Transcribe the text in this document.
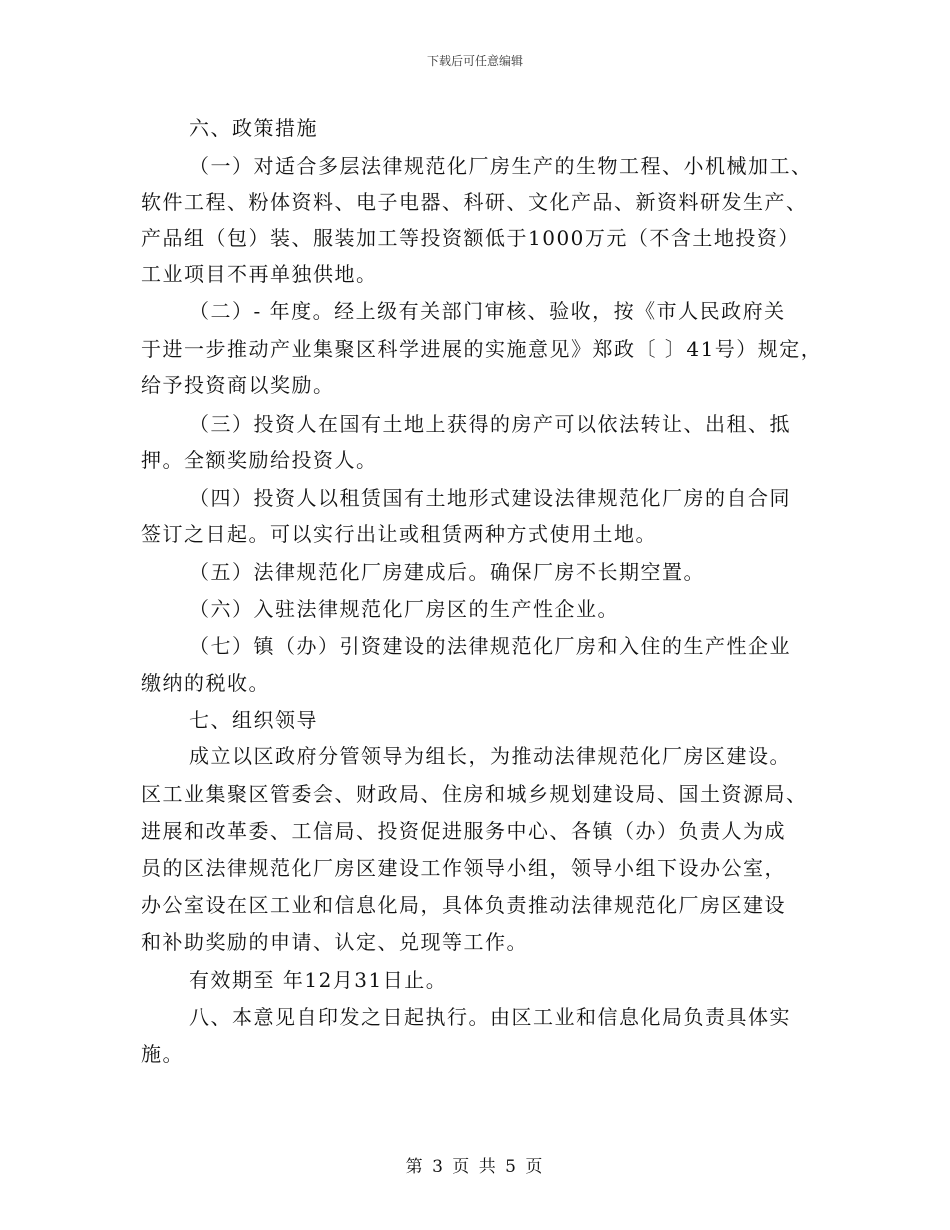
下载后可任意编辑
六、政策措施
（一）对适合多层法律规范化厂房生产的生物工程、小机械加工、
软件工程、粉体资料、电子电器、科研、文化产品、新资料研发生产、
产品组（包）装、服装加工等投资额低于1000万元（不含土地投资）
工业项目不再单独供地。
（二）- 年度。经上级有关部门审核、验收，按《市人民政府关
于进一步推动产业集聚区科学进展的实施意见》郑政〔 〕41号）规定，
给予投资商以奖励。
（三）投资人在国有土地上获得的房产可以依法转让、出租、抵
押。全额奖励给投资人。
（四）投资人以租赁国有土地形式建设法律规范化厂房的自合同
签订之日起。可以实行出让或租赁两种方式使用土地。
（五）法律规范化厂房建成后。确保厂房不长期空置。
（六）入驻法律规范化厂房区的生产性企业。
（七）镇（办）引资建设的法律规范化厂房和入住的生产性企业
缴纳的税收。
七、组织领导
成立以区政府分管领导为组长，为推动法律规范化厂房区建设。
区工业集聚区管委会、财政局、住房和城乡规划建设局、国土资源局、
进展和改革委、工信局、投资促进服务中心、各镇（办）负责人为成
员的区法律规范化厂房区建设工作领导小组，领导小组下设办公室，
办公室设在区工业和信息化局，具体负责推动法律规范化厂房区建设
和补助奖励的申请、认定、兑现等工作。
有效期至 年12月31日止。
八、本意见自印发之日起执行。由区工业和信息化局负责具体实
施。
第 3 页 共 5 页
